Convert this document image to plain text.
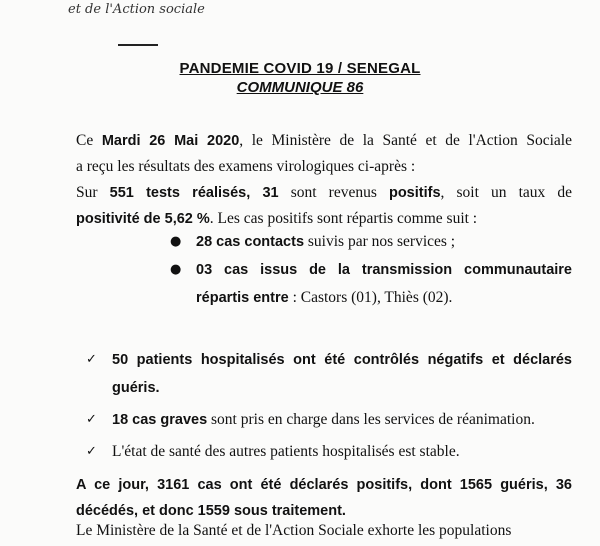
et de l'Action sociale
PANDEMIE COVID 19 / SENEGAL
COMMUNIQUE 86
Ce Mardi 26 Mai 2020, le Ministère de la Santé et de l'Action Sociale
a reçu les résultats des examens virologiques ci-après :
Sur 551 tests réalisés, 31 sont revenus positifs, soit un taux de
positivité de 5,62 %. Les cas positifs sont répartis comme suit :
●	28 cas contacts suivis par nos services ;
●	03 cas issus de la transmission communautaire répartis entre : Castors (01), Thiès (02).
✓	50 patients hospitalisés ont été contrôlés négatifs et déclarés guéris.
✓	18 cas graves sont pris en charge dans les services de réanimation.
✓ L'état de santé des autres patients hospitalisés est stable.
A ce jour, 3161 cas ont été déclarés positifs, dont 1565 guéris, 36 décédés, et donc 1559 sous traitement.
Le Ministère de la Santé et de l'Action Sociale exhorte les populations
